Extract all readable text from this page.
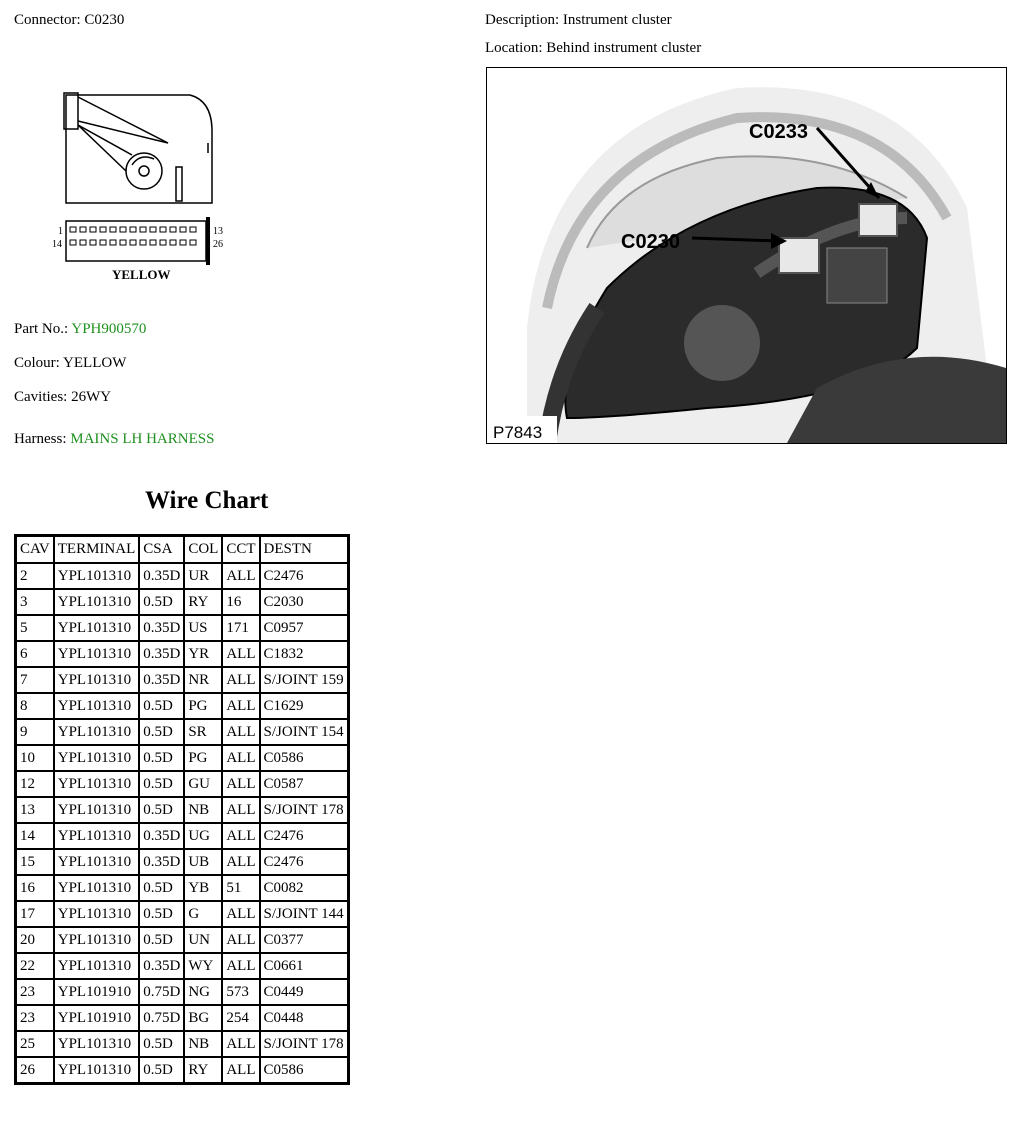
Connector: C0230	Description: Instrument cluster
Location: Behind instrument cluster
1
14
13
26
YELLOW
C0233
C0230
P7843
Part No.: YPH900570
Colour: YELLOW
Cavities: 26WY
Harness: MAINS LH HARNESS
Wire Chart
CAV	TERMINAL	CSA	COL	CCT	DESTN
2	YPL101310	0.35D	UR	ALL	C2476
3	YPL101310	0.5D	RY	16	C2030
5	YPL101310	0.35D	US	171	C0957
6	YPL101310	0.35D	YR	ALL	C1832
7	YPL101310	0.35D	NR	ALL	S/JOINT 159
8	YPL101310	0.5D	PG	ALL	C1629
9	YPL101310	0.5D	SR	ALL	S/JOINT 154
10	YPL101310	0.5D	PG	ALL	C0586
12	YPL101310	0.5D	GU	ALL	C0587
13	YPL101310	0.5D	NB	ALL	S/JOINT 178
14	YPL101310	0.35D	UG	ALL	C2476
15	YPL101310	0.35D	UB	ALL	C2476
16	YPL101310	0.5D	YB	51	C0082
17	YPL101310	0.5D	G	ALL	S/JOINT 144
20	YPL101310	0.5D	UN	ALL	C0377
22	YPL101310	0.35D	WY	ALL	C0661
23	YPL101910	0.75D	NG	573	C0449
23	YPL101910	0.75D	BG	254	C0448
25	YPL101310	0.5D	NB	ALL	S/JOINT 178
26	YPL101310	0.5D	RY	ALL	C0586
